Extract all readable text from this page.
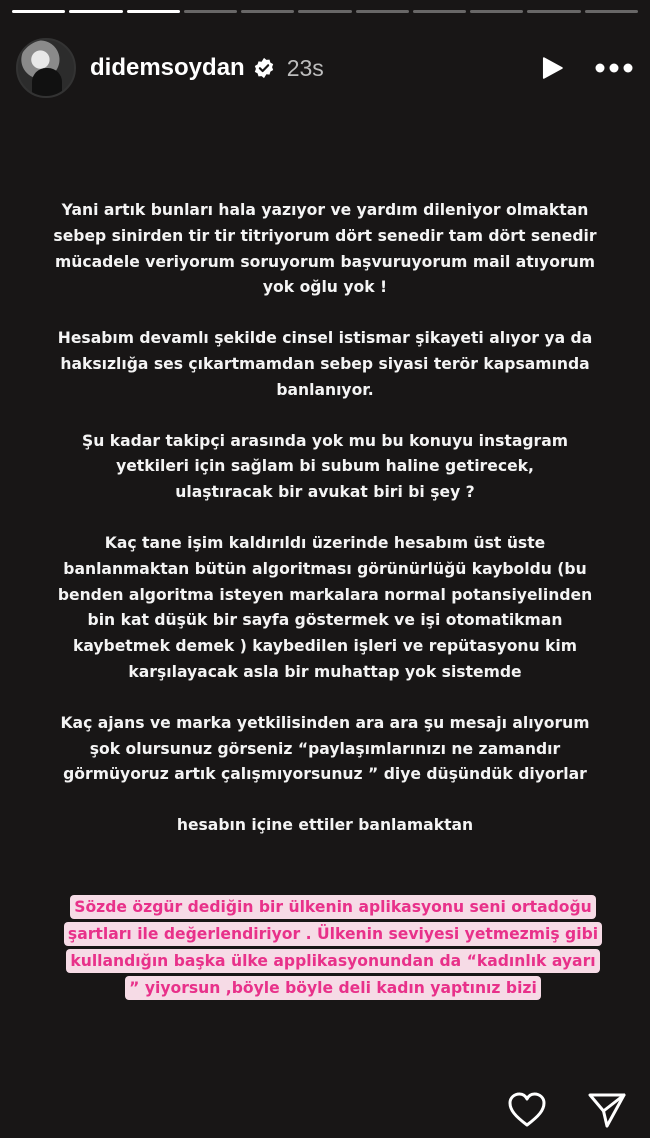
didemsoydan 23s

Yani artık bunları hala yazıyor ve yardım dileniyor olmaktan

sebep sinirden tir tir titriyorum dört senedir tam dört senedir

mücadele veriyorum soruyorum başvuruyorum mail atıyorum

yok oğlu yok !

Hesabım devamlı şekilde cinsel istismar şikayeti alıyor ya da

haksızlığa ses çıkartmamdan sebep siyasi terör kapsamında

banlanıyor.

Şu kadar takipçi arasında yok mu bu konuyu instagram

yetkileri için sağlam bi subum haline getirecek,

ulaştıracak bir avukat biri bi şey ?

Kaç tane işim kaldırıldı üzerinde hesabım üst üste

banlanmaktan bütün algoritması görünürlüğü kayboldu (bu

benden algoritma isteyen markalara normal potansiyelinden

bin kat düşük bir sayfa göstermek ve işi otomatikman

kaybetmek demek ) kaybedilen işleri ve repütasyonu kim

karşılayacak asla bir muhattap yok sistemde

Kaç ajans ve marka yetkilisinden ara ara şu mesajı alıyorum

şok olursunuz görseniz “paylaşımlarınızı ne zamandır

görmüyoruz artık çalışmıyorsunuz ” diye düşündük diyorlar

hesabın içine ettiler banlamaktan

Sözde özgür dediğin bir ülkenin aplikasyonu seni ortadoğu
şartları ile değerlendiriyor . Ülkenin seviyesi yetmezmiş gibi
kullandığın başka ülke applikasyonundan da “kadınlık ayarı
” yiyorsun ,böyle böyle deli kadın yaptınız bizi
